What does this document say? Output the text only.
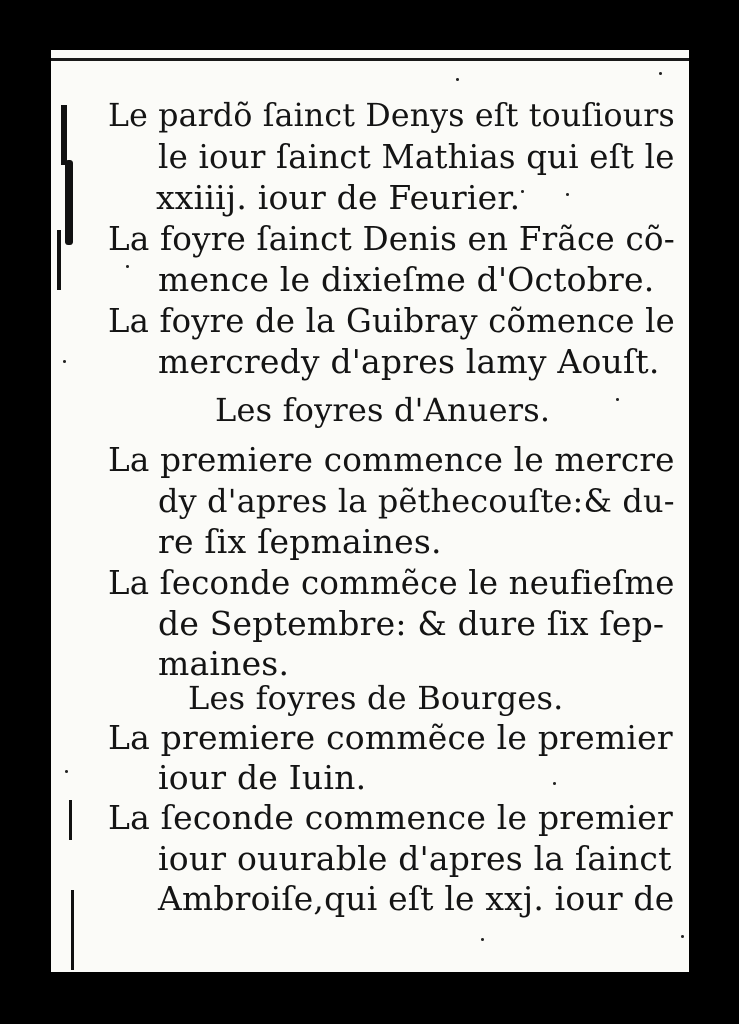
Le pardõ ſainct Denys eſt touſiours
le iour ſainct Mathias qui eſt le
xxiiij. iour de Feurier.
La foyre ſainct Denis en Frãce cõ-
mence le dixieſme d'Octobre.
La foyre de la Guibray cõmence le
mercredy d'apres lamy Aouſt.
Les foyres d'Anuers.
La premiere commence le mercre
dy d'apres la pẽthecouſte:& du-
re ſix ſepmaines.
La ſeconde commẽce le neufieſme
de Septembre: & dure ſix ſep-
maines.
Les foyres de Bourges.
La premiere commẽce le premier
iour de Iuin.
La ſeconde commence le premier
iour ouurable d'apres la ſainct
Ambroiſe,qui eſt le xxj. iour de
